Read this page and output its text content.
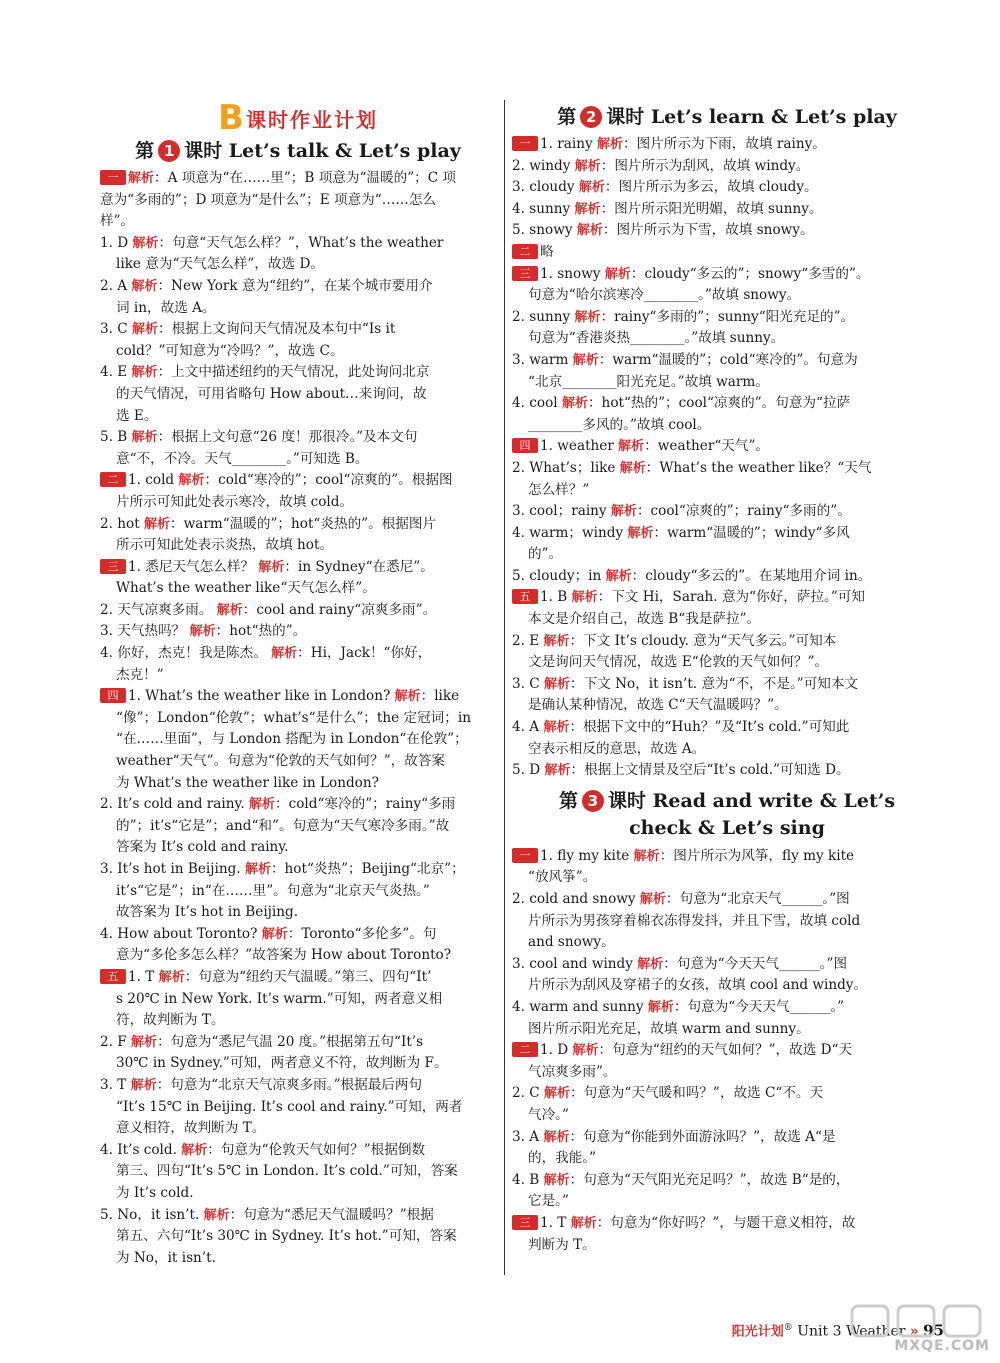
B 课时作业计划
第 1 课时 Let’s talk & Let’s play
一 解析：A 项意为“在……里”；B 项意为“温暖的”；C 项
意为“多雨的”；D 项意为“是什么”；E 项意为“……怎么
样”。
1. D 解析：句意“天气怎么样？”，What’s the weather
like 意为“天气怎么样”，故选 D。
2. A 解析：New York 意为“纽约”，在某个城市要用介
词 in，故选 A。
3. C 解析：根据上文询问天气情况及本句中“Is it
cold？”可知意为“冷吗？”，故选 C。
4. E 解析：上文中描述纽约的天气情况，此处询问北京
的天气情况，可用省略句 How about…来询问，故
选 E。
5. B 解析：根据上文句意“26 度！那很冷。”及本文句
意“不，不冷。天气________。”可知选 B。
二 1. cold 解析：cold“寒冷的”；cool“凉爽的”。根据图
片所示可知此处表示寒冷，故填 cold。
2. hot 解析：warm“温暖的”；hot“炎热的”。根据图片
所示可知此处表示炎热，故填 hot。
三 1. 悉尼天气怎么样？ 解析：in Sydney“在悉尼”。
What’s the weather like“天气怎么样”。
2. 天气凉爽多雨。 解析：cool and rainy“凉爽多雨”。
3. 天气热吗？ 解析：hot“热的”。
4. 你好，杰克！我是陈杰。 解析：Hi，Jack！“你好，
杰克！”
四 1. What’s the weather like in London? 解析：like
“像”；London“伦敦”；what’s“是什么”；the 定冠词；in
“在……里面”，与 London 搭配为 in London“在伦敦”；
weather“天气”。句意为“伦敦的天气如何？”，故答案
为 What’s the weather like in London?
2. It’s cold and rainy. 解析：cold“寒冷的”；rainy“多雨
的”；it’s“它是”；and“和”。句意为“天气寒冷多雨。”故
答案为 It’s cold and rainy.
3. It’s hot in Beijing. 解析：hot“炎热”；Beijing“北京”；
it’s“它是”；in“在……里”。句意为“北京天气炎热。”
故答案为 It’s hot in Beijing.
4. How about Toronto? 解析：Toronto“多伦多”。句
意为“多伦多怎么样？”故答案为 How about Toronto?
五 1. T 解析：句意为“纽约天气温暖。”第三、四句“It’
s 20℃ in New York. It’s warm.”可知，两者意义相
符，故判断为 T。
2. F 解析：句意为“悉尼气温 20 度。”根据第五句“It’s
30℃ in Sydney.”可知，两者意义不符，故判断为 F。
3. T 解析：句意为“北京天气凉爽多雨。”根据最后两句
“It’s 15℃ in Beijing. It’s cool and rainy.”可知，两者
意义相符，故判断为 T。
4. It’s cold. 解析：句意为“伦敦天气如何？”根据倒数
第三、四句“It’s 5℃ in London. It’s cold.”可知，答案
为 It’s cold.
5. No，it isn’t. 解析：句意为“悉尼天气温暖吗？”根据
第五、六句“It’s 30℃ in Sydney. It’s hot.”可知，答案
为 No，it isn’t.
第 2 课时 Let’s learn & Let’s play
一 1. rainy 解析：图片所示为下雨，故填 rainy。
2. windy 解析：图片所示为刮风，故填 windy。
3. cloudy 解析：图片所示为多云，故填 cloudy。
4. sunny 解析：图片所示阳光明媚，故填 sunny。
5. snowy 解析：图片所示为下雪，故填 snowy。
二 略
三 1. snowy 解析：cloudy“多云的”；snowy“多雪的”。
句意为“哈尔滨寒冷________。”故填 snowy。
2. sunny 解析：rainy“多雨的”；sunny“阳光充足的”。
句意为“香港炎热________。”故填 sunny。
3. warm 解析：warm“温暖的”；cold“寒冷的”。句意为
“北京________阳光充足。”故填 warm。
4. cool 解析：hot“热的”；cool“凉爽的”。句意为“拉萨
________多风的。”故填 cool。
四 1. weather 解析：weather“天气”。
2. What’s；like 解析：What’s the weather like？“天气
怎么样？”
3. cool；rainy 解析：cool“凉爽的”；rainy“多雨的”。
4. warm；windy 解析：warm“温暖的”；windy“多风
的”。
5. cloudy；in 解析：cloudy“多云的”。在某地用介词 in。
五 1. B 解析：下文 Hi，Sarah. 意为“你好，萨拉。”可知
本文是介绍自己，故选 B“我是萨拉”。
2. E 解析：下文 It’s cloudy. 意为“天气多云。”可知本
文是询问天气情况，故选 E“伦敦的天气如何？”。
3. C 解析：下文 No，it isn’t. 意为“不，不是。”可知本文
是确认某种情况，故选 C“天气温暖吗？”。
4. A 解析：根据下文中的“Huh？”及“It’s cold.”可知此
空表示相反的意思，故选 A。
5. D 解析：根据上文情景及空后“It’s cold.”可知选 D。
第 3 课时 Read and write & Let’s
check & Let’s sing
一 1. fly my kite 解析：图片所示为风筝，fly my kite
“放风筝”。
2. cold and snowy 解析：句意为“北京天气______。”图
片所示为男孩穿着棉衣冻得发抖，并且下雪，故填 cold
and snowy。
3. cool and windy 解析：句意为“今天天气______。”图
片所示为刮风及穿裙子的女孩，故填 cool and windy。
4. warm and sunny 解析：句意为“今天天气______。”
图片所示阳光充足，故填 warm and sunny。
二 1. D 解析：句意为“纽约的天气如何？”，故选 D“天
气凉爽多雨”。
2. C 解析：句意为“天气暖和吗？”，故选 C“不。天
气冷。”
3. A 解析：句意为“你能到外面游泳吗？”，故选 A“是
的，我能。”
4. B 解析：句意为“天气阳光充足吗？”，故选 B“是的，
它是。”
三 1. T 解析：句意为“你好吗？”，与题干意义相符，故
判断为 T。
阳光计划® Unit 3 Weather » 95
MXQE.COM
